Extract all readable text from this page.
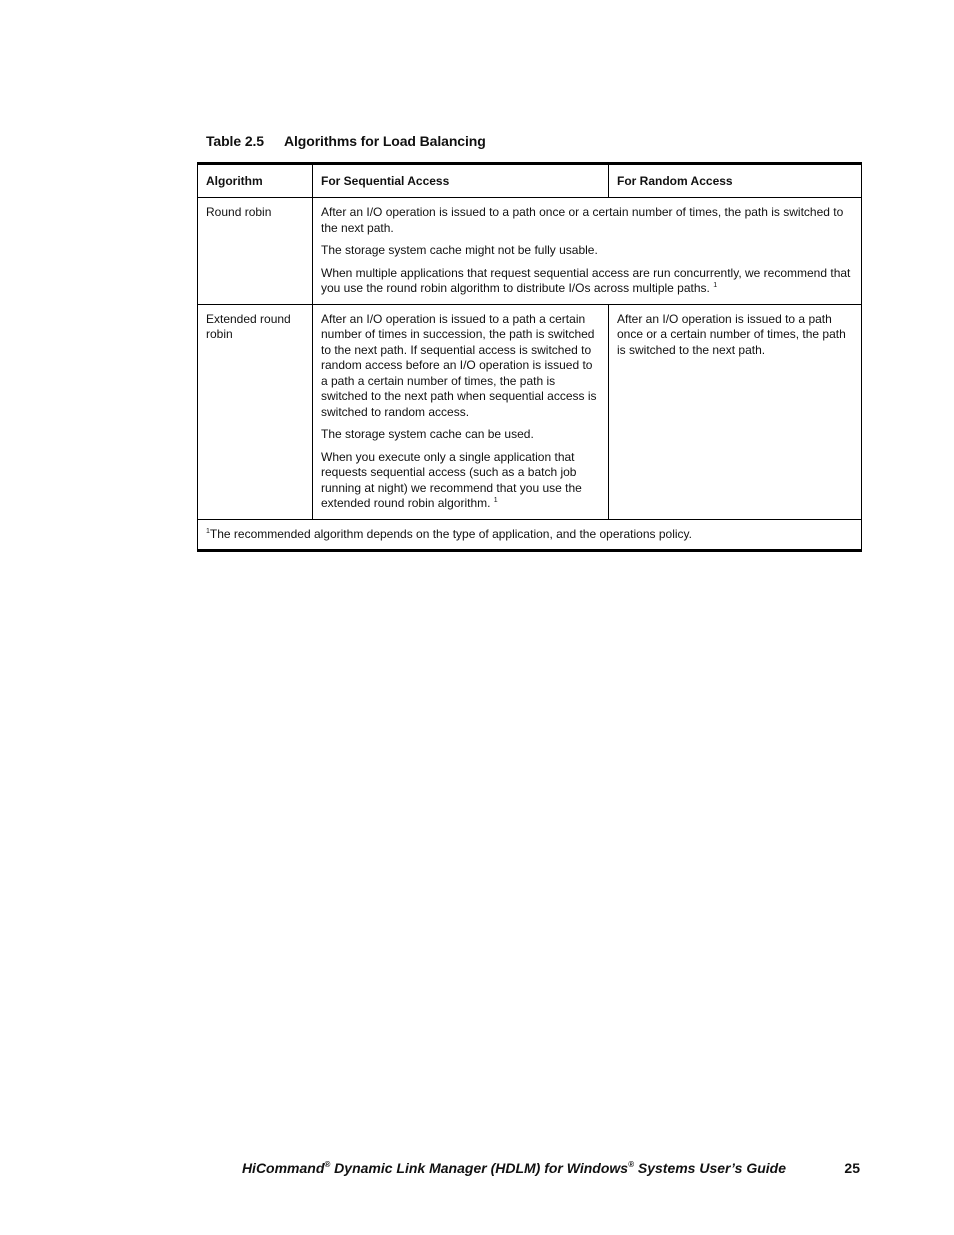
Table 2.5 Algorithms for Load Balancing
Algorithm	For Sequential Access	For Random Access
Round robin	After an I/O operation is issued to a path once or a certain number of times, the path is switched to the next path.

The storage system cache might not be fully usable.

When multiple applications that request sequential access are run concurrently, we recommend that you use the round robin algorithm to distribute I/Os across multiple paths. $^1$

Extended round robin	After an I/O operation is issued to a path a certain number of times in succession, the path is switched to the next path. If sequential access is switched to random access before an I/O operation is issued to a path a certain number of times, the path is switched to the next path when sequential access is switched to random access.

The storage system cache can be used.

When you execute only a single application that requests sequential access (such as a batch job running at night) we recommend that you use the extended round robin algorithm. $^1$	After an I/O operation is issued to a path once or a certain number of times, the path is switched to the next path.

$^1$The recommended algorithm depends on the type of application, and the operations policy.		
HiCommand® Dynamic Link Manager (HDLM) for Windows® Systems User’s Guide	25
